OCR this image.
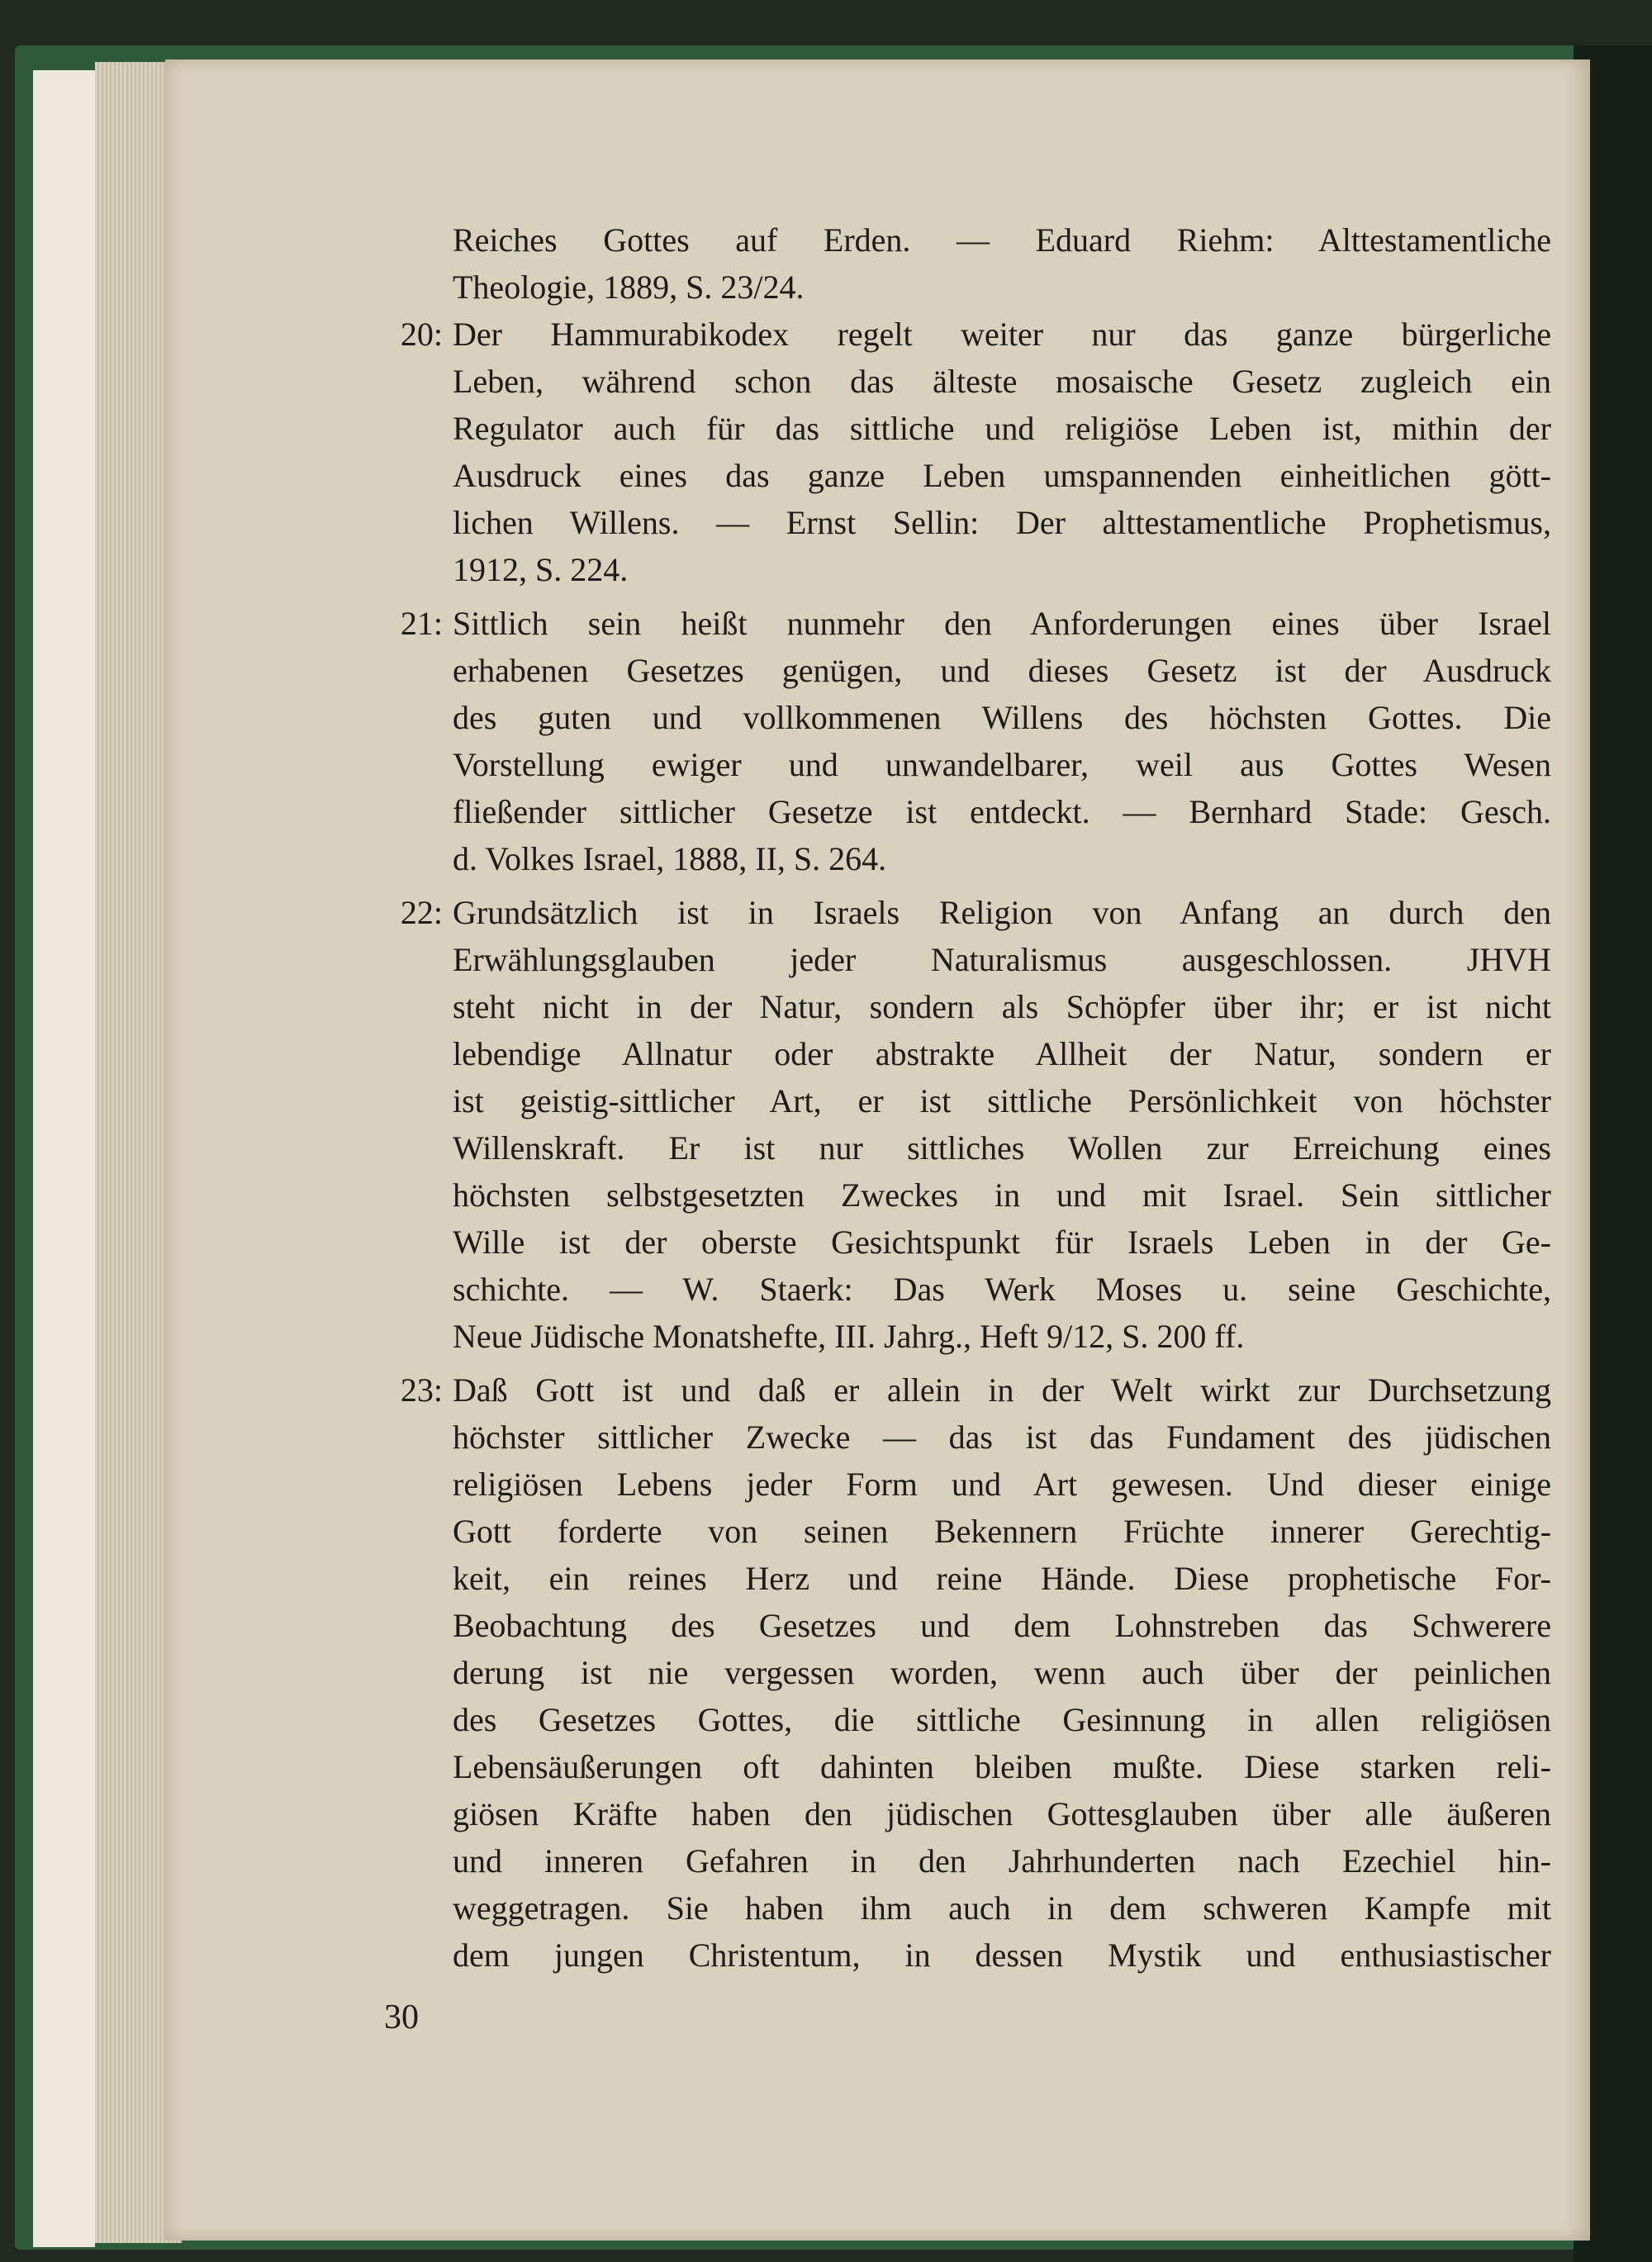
Reiches Gottes auf Erden. — Eduard Riehm: Alttestamentliche
Theologie, 1889, S. 23/24.
20: Der Hammurabikodex regelt weiter nur das ganze bürgerliche
Leben, während schon das älteste mosaische Gesetz zugleich ein
Regulator auch für das sittliche und religiöse Leben ist, mithin der
Ausdruck eines das ganze Leben umspannenden einheitlichen gött-
lichen Willens. — Ernst Sellin: Der alttestamentliche Prophetismus,
1912, S. 224.
21: Sittlich sein heißt nunmehr den Anforderungen eines über Israel
erhabenen Gesetzes genügen, und dieses Gesetz ist der Ausdruck
des guten und vollkommenen Willens des höchsten Gottes. Die
Vorstellung ewiger und unwandelbarer, weil aus Gottes Wesen
fließender sittlicher Gesetze ist entdeckt. — Bernhard Stade: Gesch.
d. Volkes Israel, 1888, II, S. 264.
22: Grundsätzlich ist in Israels Religion von Anfang an durch den
Erwählungsglauben jeder Naturalismus ausgeschlossen. JHVH
steht nicht in der Natur, sondern als Schöpfer über ihr; er ist nicht
lebendige Allnatur oder abstrakte Allheit der Natur, sondern er
ist geistig-sittlicher Art, er ist sittliche Persönlichkeit von höchster
Willenskraft. Er ist nur sittliches Wollen zur Erreichung eines
höchsten selbstgesetzten Zweckes in und mit Israel. Sein sittlicher
Wille ist der oberste Gesichtspunkt für Israels Leben in der Ge-
schichte. — W. Staerk: Das Werk Moses u. seine Geschichte,
Neue Jüdische Monatshefte, III. Jahrg., Heft 9/12, S. 200 ff.
23: Daß Gott ist und daß er allein in der Welt wirkt zur Durchsetzung
höchster sittlicher Zwecke — das ist das Fundament des jüdischen
religiösen Lebens jeder Form und Art gewesen. Und dieser einige
Gott forderte von seinen Bekennern Früchte innerer Gerechtig-
keit, ein reines Herz und reine Hände. Diese prophetische For-
Beobachtung des Gesetzes und dem Lohnstreben das Schwerere
derung ist nie vergessen worden, wenn auch über der peinlichen
des Gesetzes Gottes, die sittliche Gesinnung in allen religiösen
Lebensäußerungen oft dahinten bleiben mußte. Diese starken reli-
giösen Kräfte haben den jüdischen Gottesglauben über alle äußeren
und inneren Gefahren in den Jahrhunderten nach Ezechiel hin-
weggetragen. Sie haben ihm auch in dem schweren Kampfe mit
dem jungen Christentum, in dessen Mystik und enthusiastischer
30
